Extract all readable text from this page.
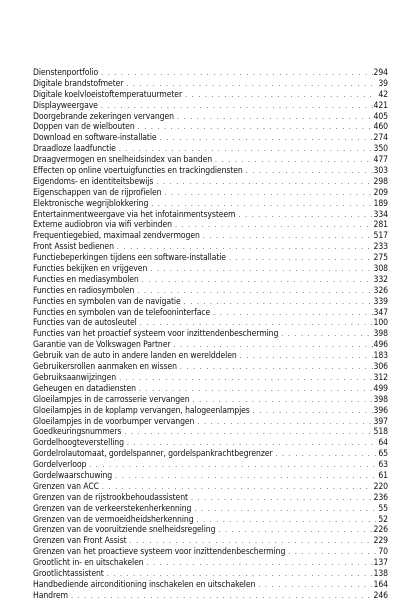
Dienstenportfolio . . .	294
Digitale brandstofmeter . . .	39
Digitale koelvloeistoftemperatuurmeter . . .	42
Displayweergave . . .	421
Doorgebrande zekeringen vervangen . . .	405
Doppen van de wielbouten . . .	460
Download en software-installatie . . .	274
Draadloze laadfunctie . . .	350
Draagvermogen en snelheidsindex van banden . . .	477
Effecten op online voertuigfuncties en trackingdiensten . . .	303
Eigendoms- en identiteitsbewijs . . .	298
Eigenschappen van de rijprofielen . . .	209
Elektronische wegrijblokkering . . .	189
Entertainmentweergave via het infotainmentsysteem . . .	334
Externe audiobron via wifi verbinden . . .	281
Frequentiegebied, maximaal zendvermogen . . .	517
Front Assist bedienen . . .	233
Functiebeperkingen tijdens een software-installatie . . .	275
Functies bekijken en vrijgeven . . .	308
Functies en mediasymbolen . . .	332
Functies en radiosymbolen . . .	326
Functies en symbolen van de navigatie . . .	339
Functies en symbolen van de telefooninterface . . .	347
Functies van de autosleutel . . .	100
Functies van het proactief systeem voor inzittendenbescherming . . .	398
Garantie van de Volkswagen Partner . . .	496
Gebruik van de auto in andere landen en werelddelen . . .	183
Gebruikersrollen aanmaken en wissen . . .	306
Gebruiksaanwijzingen . . .	312
Geheugen en datadiensten . . .	499
Gloeilampjes in de carrosserie vervangen . . .	398
Gloeilampjes in de koplamp vervangen, halogeenlampjes . . .	396
Gloeilampjes in de voorbumper vervangen . . .	397
Goedkeuringsnummers . . .	518
Gordelhoogteverstelling . . .	64
Gordelrolautomaat, gordelspanner, gordelspankrachtbegrenzer . . .	65
Gordelverloop . . .	63
Gordelwaarschuwing . . .	61
Grenzen van ACC . . .	220
Grenzen van de rijstrookbehoudassistent . . .	236
Grenzen van de verkeerstekenherkenning . . .	55
Grenzen van de vermoeidheidsherkenning . . .	52
Grenzen van de vooruitziende snelheidsregeling . . .	226
Grenzen van Front Assist . . .	229
Grenzen van het proactieve systeem voor inzittendenbescherming . . .	70
Grootlicht in- en uitschakelen . . .	137
Grootlichtassistent . . .	138
Handbediende airconditioning inschakelen en uitschakelen . . .	164
Handrem . . .	246
